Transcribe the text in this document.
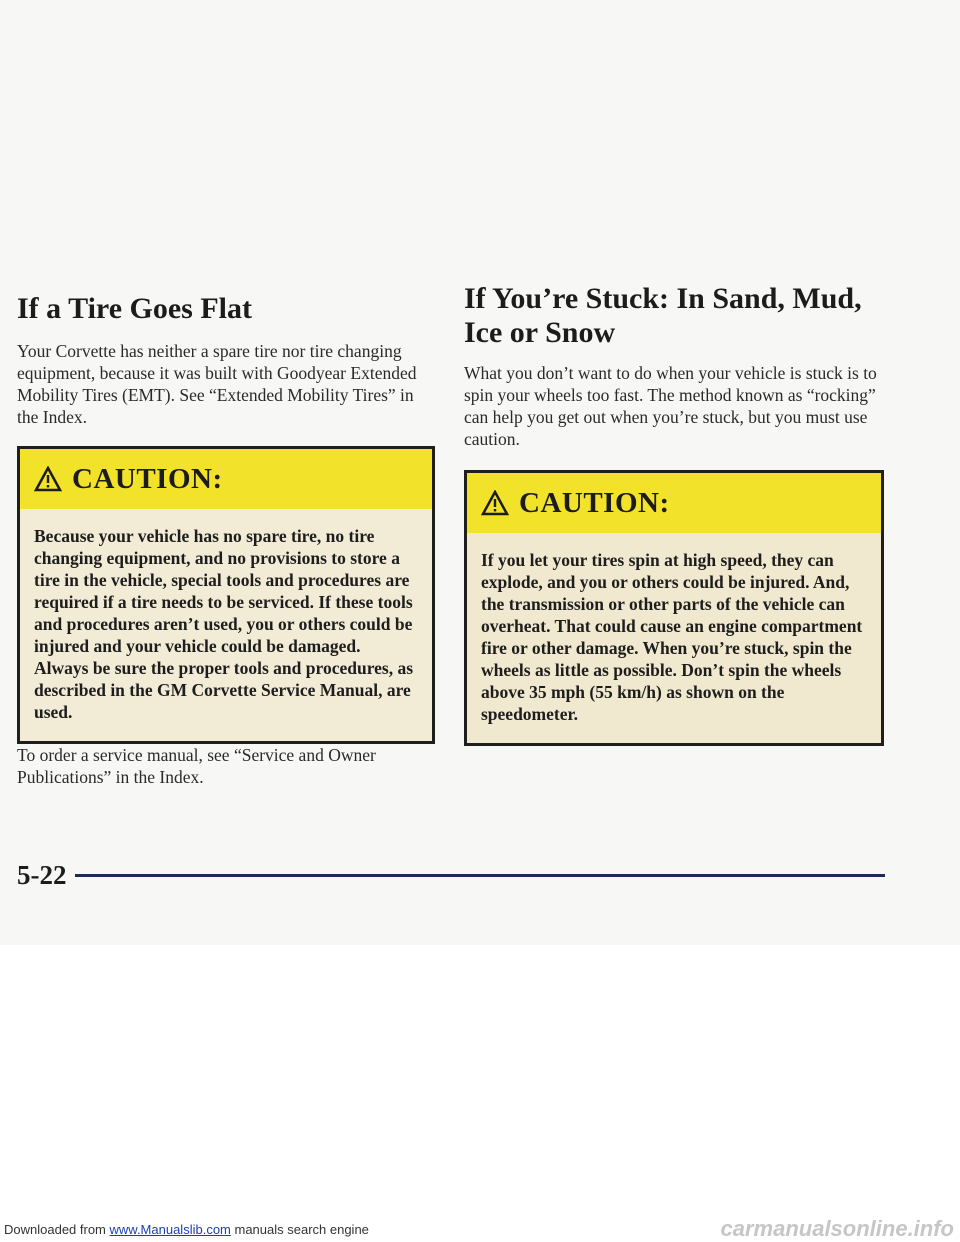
If a Tire Goes Flat

Your Corvette has neither a spare tire nor tire changing equipment, because it was built with Goodyear Extended Mobility Tires (EMT). See “Extended Mobility Tires” in the Index.

CAUTION:
Because your vehicle has no spare tire, no tire changing equipment, and no provisions to store a tire in the vehicle, special tools and procedures are required if a tire needs to be serviced. If these tools and procedures aren’t used, you or others could be injured and your vehicle could be damaged. Always be sure the proper tools and procedures, as described in the GM Corvette Service Manual, are used.

To order a service manual, see “Service and Owner Publications” in the Index.

If You’re Stuck: In Sand, Mud, Ice or Snow

What you don’t want to do when your vehicle is stuck is to spin your wheels too fast. The method known as “rocking” can help you get out when you’re stuck, but you must use caution.

CAUTION:
If you let your tires spin at high speed, they can explode, and you or others could be injured. And, the transmission or other parts of the vehicle can overheat. That could cause an engine compartment fire or other damage. When you’re stuck, spin the wheels as little as possible. Don’t spin the wheels above 35 mph (55 km/h) as shown on the speedometer.
5-22
Downloaded from www.Manualslib.com manuals search engine	carmanualsonline.info
